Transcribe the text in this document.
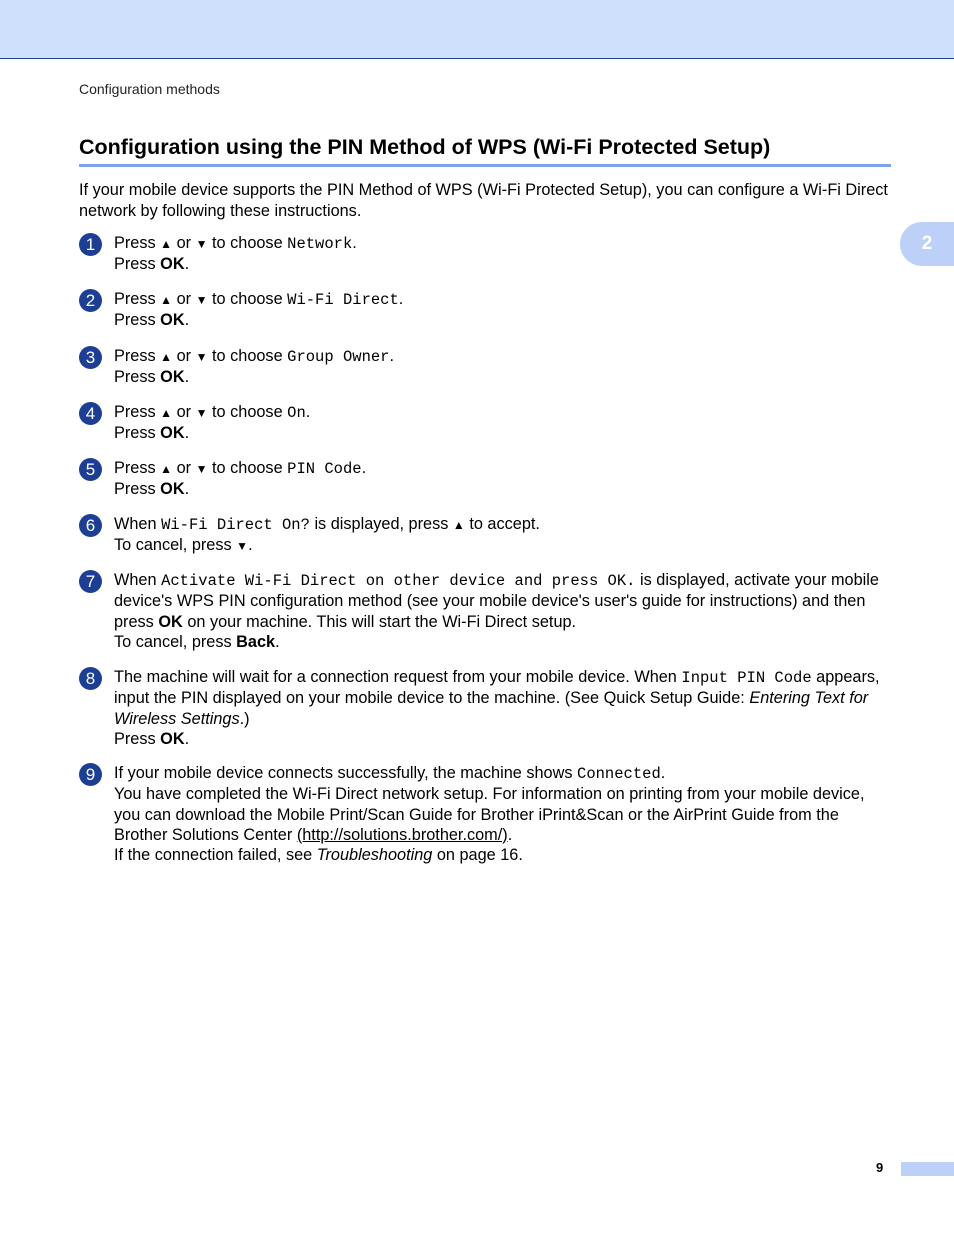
Configuration methods
Configuration using the PIN Method of WPS (Wi-Fi Protected Setup)
2

If your mobile device supports the PIN Method of WPS (Wi-Fi Protected Setup), you can configure a Wi-Fi Direct network by following these instructions.

1	Press ▲ or ▼ to choose Network.

Press OK.

2	Press ▲ or ▼ to choose Wi-Fi Direct.

Press OK.

3	Press ▲ or ▼ to choose Group Owner.

Press OK.

4	Press ▲ or ▼ to choose On.

Press OK.

5	Press ▲ or ▼ to choose PIN Code.

Press OK.

6	When Wi-Fi Direct On? is displayed, press ▲ to accept.

To cancel, press ▼.

7	When Activate Wi-Fi Direct on other device and press OK. is displayed, activate your mobile device's WPS PIN configuration method (see your mobile device's user's guide for instructions) and then press OK on your machine. This will start the Wi-Fi Direct setup.

To cancel, press Back.

8	The machine will wait for a connection request from your mobile device. When Input PIN Code appears, input the PIN displayed on your mobile device to the machine. (See Quick Setup Guide: Entering Text for Wireless Settings.)

Press OK.

9	If your mobile device connects successfully, the machine shows Connected.

You have completed the Wi-Fi Direct network setup. For information on printing from your mobile device, you can download the Mobile Print/Scan Guide for Brother iPrint&Scan or the AirPrint Guide from the Brother Solutions Center (http://solutions.brother.com/).

If the connection failed, see Troubleshooting on page 16.

9
